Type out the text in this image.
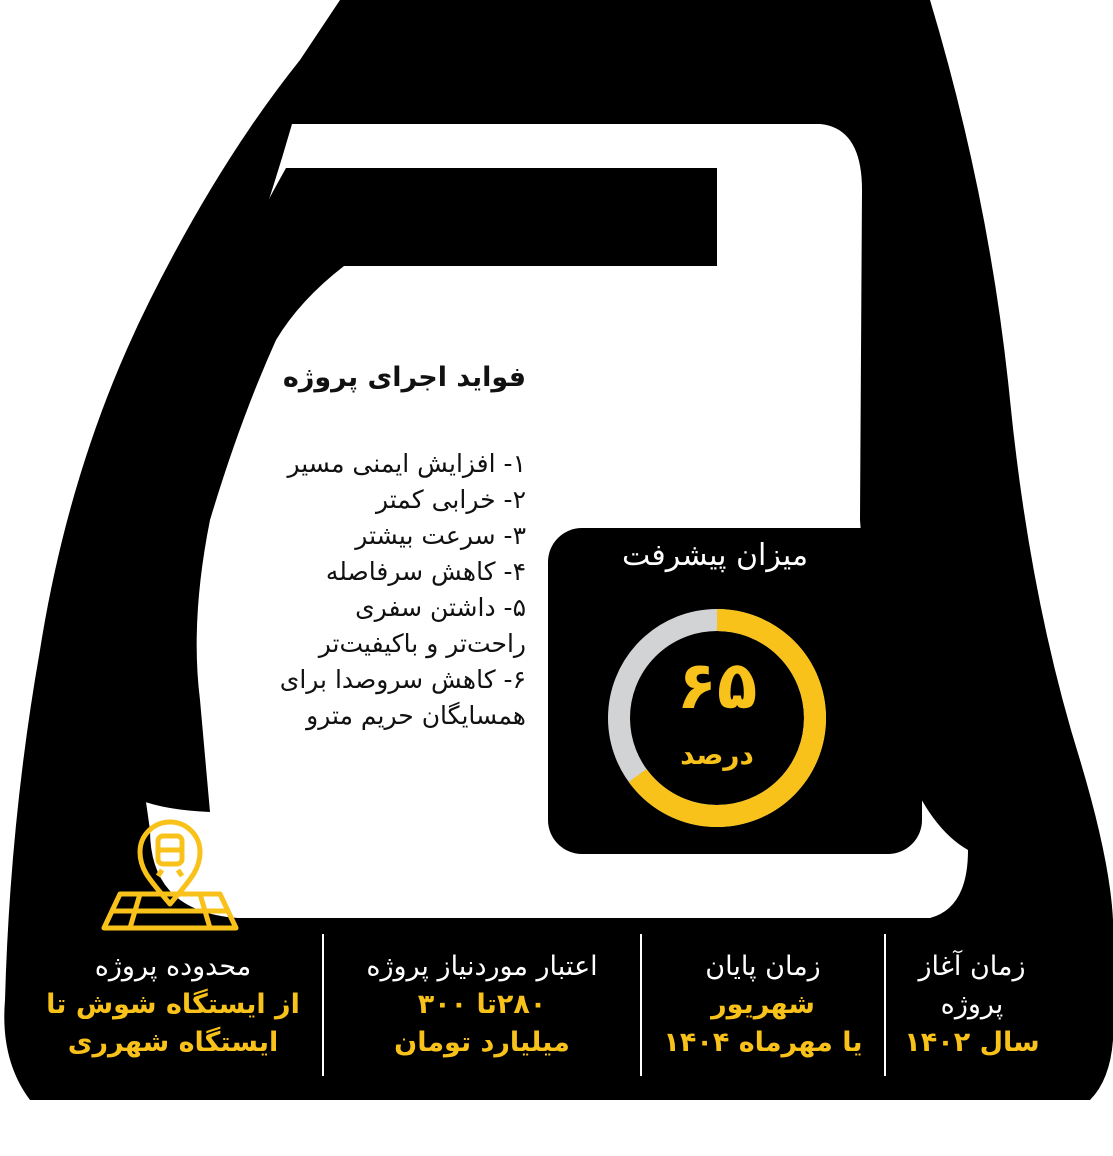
فواید اجرای پروژه
۱- افزایش ایمنی مسیر
۲- خرابی کمتر
۳- سرعت بیشتر
۴- کاهش سرفاصله
۵- داشتن سفری
راحت‌تر و باکیفیت‌تر
۶- کاهش سروصدا برای
همسایگان حریم مترو
میزان پیشرفت
۶۵
درصد
زمان آغاز پروژه
سال ۱۴۰۲
زمان پایان
شهریور
یا مهرماه ۱۴۰۴
اعتبار موردنیاز پروژه
۲۸۰تا ۳۰۰
میلیارد تومان
محدوده پروژه
از ایستگاه شوش تا
ایستگاه شهرری
